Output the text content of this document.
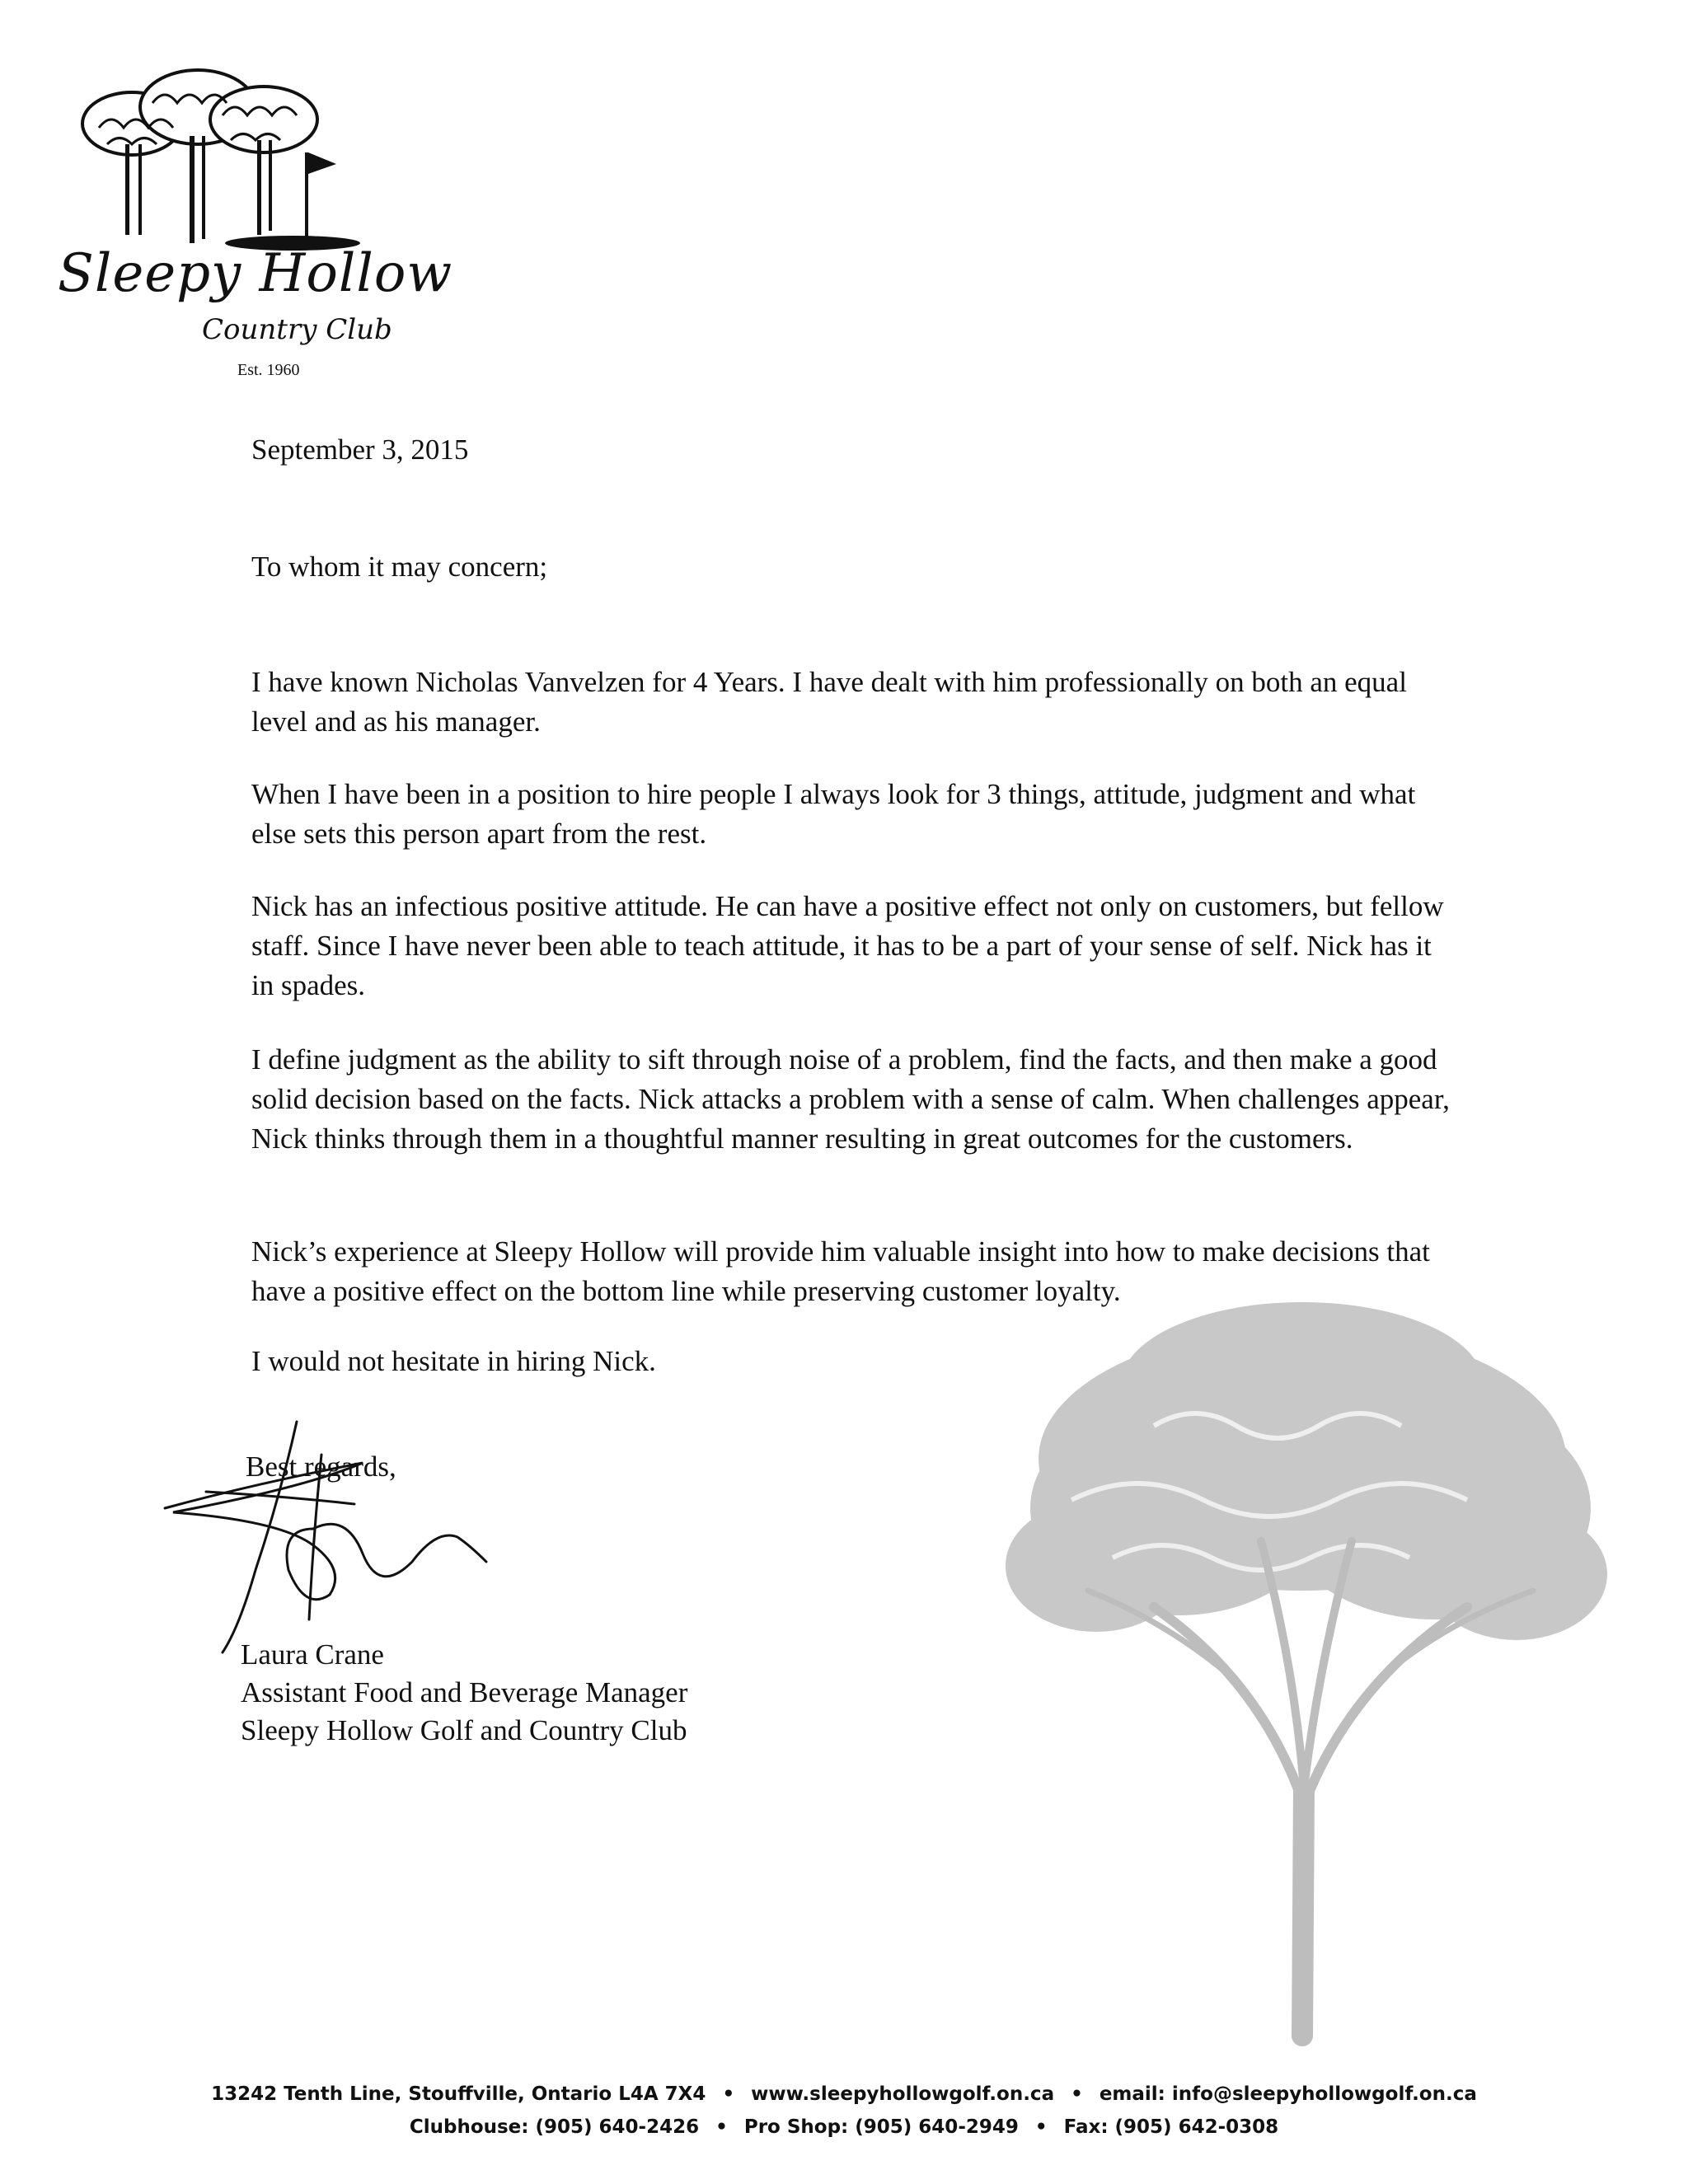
Sleepy Hollow
Country Club
Est. 1960
September 3, 2015
To whom it may concern;
I have known Nicholas Vanvelzen for 4 Years. I have dealt with him professionally on both an equal level and as his manager.
When I have been in a position to hire people I always look for 3 things, attitude, judgment and what else sets this person apart from the rest.
Nick has an infectious positive attitude. He can have a positive effect not only on customers, but fellow staff. Since I have never been able to teach attitude, it has to be a part of your sense of self. Nick has it in spades.
I define judgment as the ability to sift through noise of a problem, find the facts, and then make a good solid decision based on the facts. Nick attacks a problem with a sense of calm. When challenges appear, Nick thinks through them in a thoughtful manner resulting in great outcomes for the customers.
Nick’s experience at Sleepy Hollow will provide him valuable insight into how to make decisions that have a positive effect on the bottom line while preserving customer loyalty.
I would not hesitate in hiring Nick.
Best regards,
Laura Crane
Assistant Food and Beverage Manager
Sleepy Hollow Golf and Country Club
13242 Tenth Line, Stouffville, Ontario L4A 7X4 • www.sleepyhollowgolf.on.ca • email: info@sleepyhollowgolf.on.ca
Clubhouse: (905) 640-2426 • Pro Shop: (905) 640-2949 • Fax: (905) 642-0308
